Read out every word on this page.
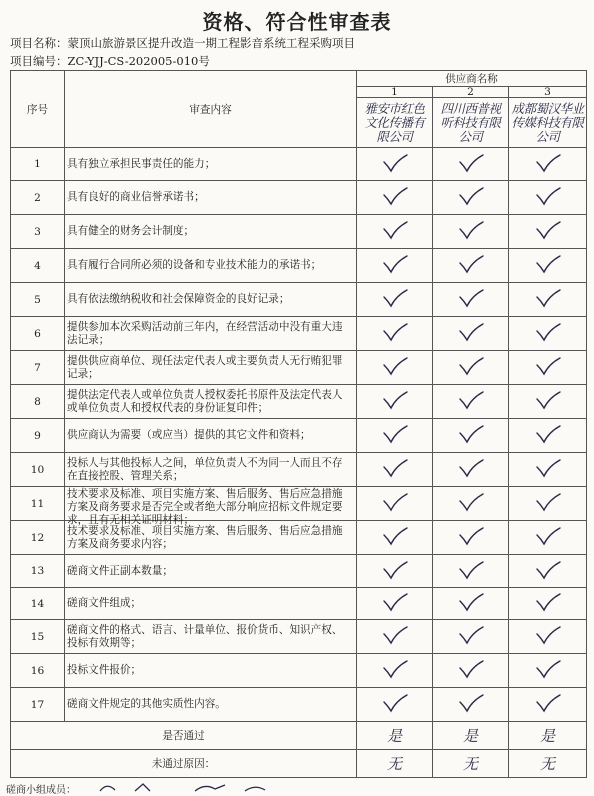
资格、符合性审查表
项目名称：蒙顶山旅游景区提升改造一期工程影音系统工程采购项目
项目编号：ZC-YJJ-CS-202005-010号
序号	审查内容	供应商名称		
		1	2	3
		雅安市红色文化传播有限公司	四川西普视听科技有限公司	成都蜀汉华业传媒科技有限公司
1	具有独立承担民事责任的能力；

2	具有良好的商业信誉承诺书；

3	具有健全的财务会计制度；

4	具有履行合同所必须的设备和专业技术能力的承诺书；

5	具有依法缴纳税收和社会保障资金的良好记录；

6	提供参加本次采购活动前三年内，在经营活动中没有重大违法记录；

7	提供供应商单位、现任法定代表人或主要负责人无行贿犯罪记录；

8	提供法定代表人或单位负责人授权委托书原件及法定代表人或单位负责人和授权代表的身份证复印件；

9	供应商认为需要（或应当）提供的其它文件和资料；

10	投标人与其他投标人之间，单位负责人不为同一人而且不存在直接控股、管理关系；

11	技术要求及标准、项目实施方案、售后服务、售后应急措施方案及商务要求是否完全或者绝大部分响应招标文件规定要求，且有无相关证明材料；

12	技术要求及标准、项目实施方案、售后服务、售后应急措施方案及商务要求内容；

13	磋商文件正副本数量；

14	磋商文件组成；

15	磋商文件的格式、语言、计量单位、报价货币、知识产权、投标有效期等；

16	投标文件报价；

17	磋商文件规定的其他实质性内容。

是否通过		是	是	是
未通过原因：		无	无	无
磋商小组成员：
